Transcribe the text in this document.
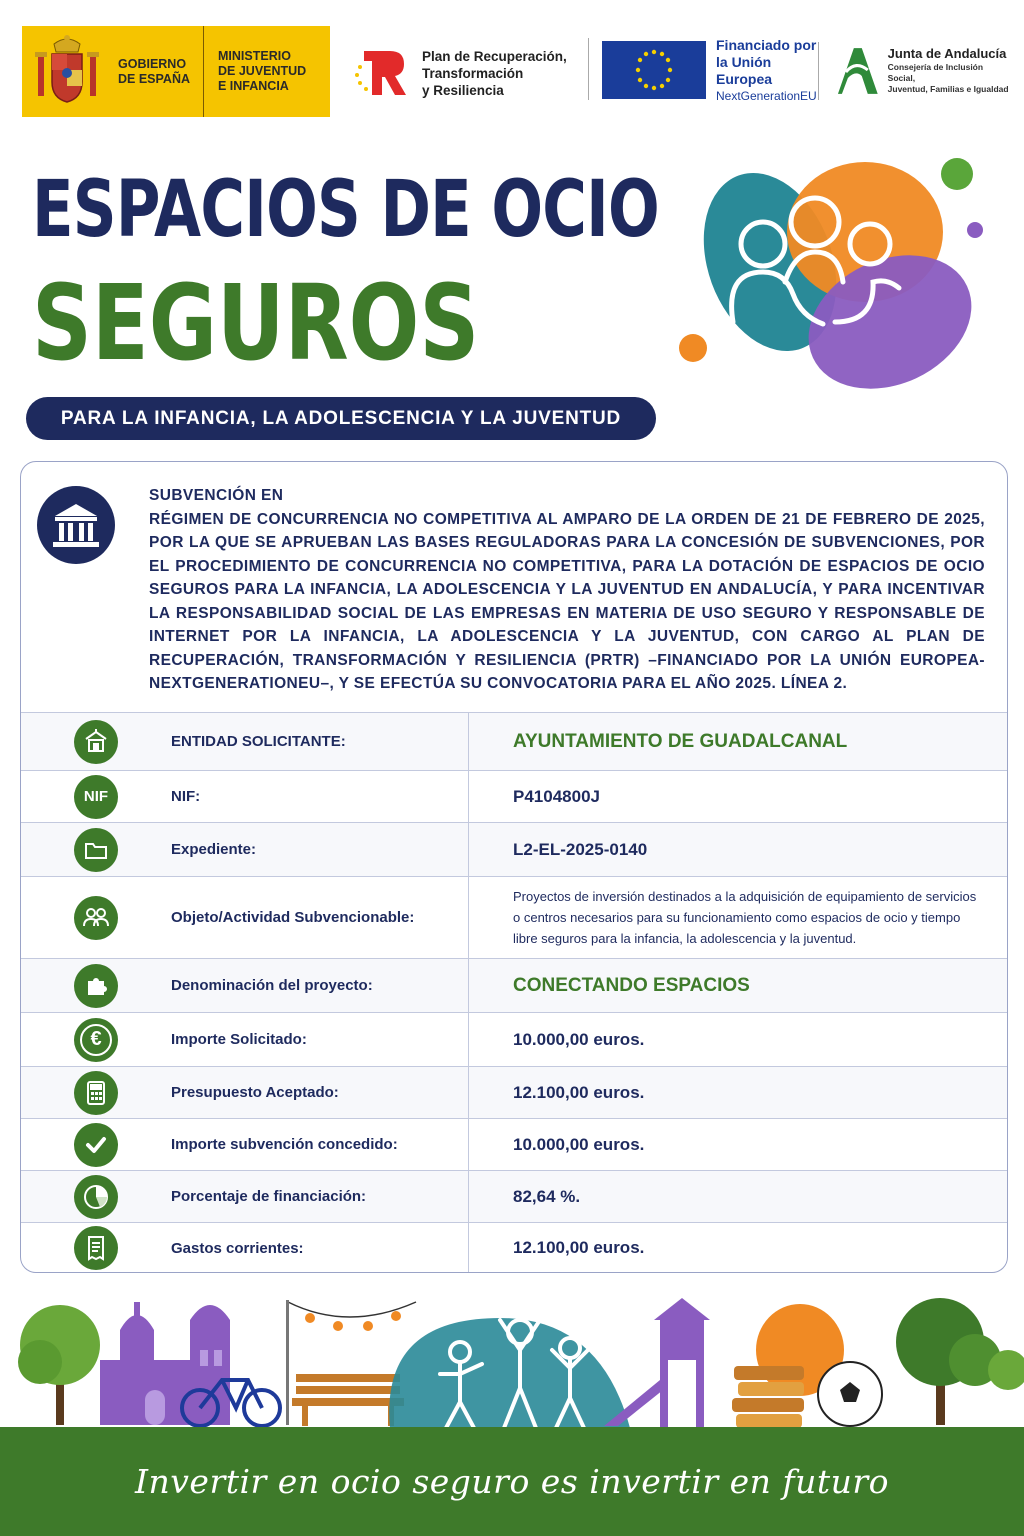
GOBIERNO
DE ESPAÑA
MINISTERIO
DE JUVENTUD
E INFANCIA
Plan de Recuperación,
Transformación
y Resiliencia
Financiado por
la Unión Europea
NextGenerationEU
Junta de Andalucía
Consejería de Inclusión Social,
Juventud, Familias e Igualdad
ESPACIOS DE OCIO
SEGUROS
PARA LA INFANCIA, LA ADOLESCENCIA Y LA JUVENTUD
SUBVENCIÓN EN
RÉGIMEN DE CONCURRENCIA NO COMPETITIVA AL AMPARO DE LA ORDEN DE 21 DE FEBRERO DE 2025, POR LA QUE SE APRUEBAN LAS BASES REGULADORAS PARA LA CONCESIÓN DE SUBVENCIONES, POR EL PROCEDIMIENTO DE CONCURRENCIA NO COMPETITIVA, PARA LA DOTACIÓN DE ESPACIOS DE OCIO SEGUROS PARA LA INFANCIA, LA ADOLESCENCIA Y LA JUVENTUD EN ANDALUCÍA, Y PARA INCENTIVAR LA RESPONSABILIDAD SOCIAL DE LAS EMPRESAS EN MATERIA DE USO SEGURO Y RESPONSABLE DE INTERNET POR LA INFANCIA, LA ADOLESCENCIA Y LA JUVENTUD, CON CARGO AL PLAN DE RECUPERACIÓN, TRANSFORMACIÓN Y RESILIENCIA (PRTR) –FINANCIADO POR LA UNIÓN EUROPEA- NEXTGENERATIONEU–, Y SE EFECTÚA SU CONVOCATORIA PARA EL AÑO 2025. LÍNEA 2.
ENTIDAD SOLICITANTE:	AYUNTAMIENTO DE GUADALCANAL
NIF	NIF:	P4104800J
Expediente:	L2-EL-2025-0140
Objeto/Actividad Subvencionable:
Proyectos de inversión destinados a la adquisición de equipamiento de servicios o centros necesarios para su funcionamiento como espacios de ocio y tiempo libre seguros para la infancia, la adolescencia y la juventud.
Denominación del proyecto:	CONECTANDO ESPACIOS
€	Importe Solicitado:	10.000,00 euros.
Presupuesto Aceptado:	12.100,00 euros.
Importe subvención concedido:	10.000,00 euros.
Porcentaje de financiación:	82,64 %.
Gastos corrientes:	12.100,00 euros.
Invertir en ocio seguro es invertir en futuro
